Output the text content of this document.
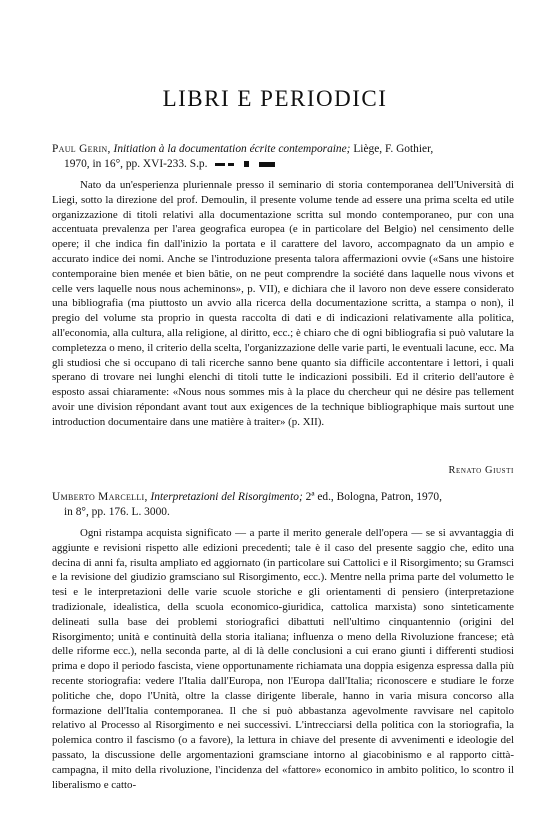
LIBRI E PERIODICI
Paul Gerin, Initiation à la documentation écrite contemporaine; Liège, F. Gothier,
1970, in 16°, pp. XVI-233. S.p.

Nato da un'esperienza pluriennale presso il seminario di storia contemporanea dell'Università di Liegi, sotto la direzione del prof. Demoulin, il presente volume tende ad essere una prima scelta ed utile organizzazione di titoli relativi alla documentazione scritta sul mondo contemporaneo, pur con una accentuata prevalenza per l'area geografica europea (e in particolare del Belgio) nel censimento delle opere; il che indica fin dall'inizio la portata e il carattere del lavoro, accompagnato da un ampio e accurato indice dei nomi. Anche se l'introduzione presenta talora affermazioni ovvie («Sans une histoire contemporaine bien menée et bien bâtie, on ne peut comprendre la société dans laquelle nous vivons et celle vers laquelle nous nous acheminons», p. VII), e dichiara che il lavoro non deve essere considerato una bibliografia (ma piuttosto un avvio alla ricerca della documentazione scritta, a stampa o non), il pregio del volume sta proprio in questa raccolta di dati e di indicazioni relativamente alla politica, all'economia, alla cultura, alla religione, al diritto, ecc.; è chiaro che di ogni bibliografia si può valutare la completezza o meno, il criterio della scelta, l'organizzazione delle varie parti, le eventuali lacune, ecc. Ma gli studiosi che si occupano di tali ricerche sanno bene quanto sia difficile accontentare i lettori, i quali sperano di trovare nei lunghi elenchi di titoli tutte le indicazioni possibili. Ed il criterio dell'autore è esposto assai chiaramente: «Nous nous sommes mis à la place du chercheur qui ne désire pas tellement avoir une division répondant avant tout aux exigences de la technique bibliographique mais surtout une introduction documentaire dans une matière à traiter» (p. XII).

Renato Giusti
Umberto Marcelli, Interpretazioni del Risorgimento; 2ª ed., Bologna, Patron, 1970,
in 8°, pp. 176. L. 3000.

Ogni ristampa acquista significato — a parte il merito generale dell'opera — se si avvantaggia di aggiunte e revisioni rispetto alle edizioni precedenti; tale è il caso del presente saggio che, edito una decina di anni fa, risulta ampliato ed aggiornato (in particolare sui Cattolici e il Risorgimento; su Gramsci e la revisione del giudizio gramsciano sul Risorgimento, ecc.). Mentre nella prima parte del volumetto le tesi e le interpretazioni delle varie scuole storiche e gli orientamenti di pensiero (interpretazione tradizionale, idealistica, della scuola economico-giuridica, cattolica marxista) sono sinteticamente delineati sulla base dei problemi storiografici dibattuti nell'ultimo cinquantennio (origini del Risorgimento; unità e continuità della storia italiana; influenza o meno della Rivoluzione francese; età delle riforme ecc.), nella seconda parte, al di là delle conclusioni a cui erano giunti i differenti studiosi prima e dopo il periodo fascista, viene opportunamente richiamata una doppia esigenza espressa dalla più recente storiografia: vedere l'Italia dall'Europa, non l'Europa dall'Italia; riconoscere e studiare le forze politiche che, dopo l'Unità, oltre la classe dirigente liberale, hanno in varia misura concorso alla formazione dell'Italia contemporanea. Il che si può abbastanza agevolmente ravvisare nel capitolo relativo al Processo al Risorgimento e nei successivi. L'intrecciarsi della politica con la storiografia, la polemica contro il fascismo (o a favore), la lettura in chiave del presente di avvenimenti e ideologie del passato, la discussione delle argomentazioni gramsciane intorno al giacobinismo e al rapporto città-campagna, il mito della rivoluzione, l'incidenza del «fattore» economico in ambito politico, lo scontro il liberalismo e catto-
